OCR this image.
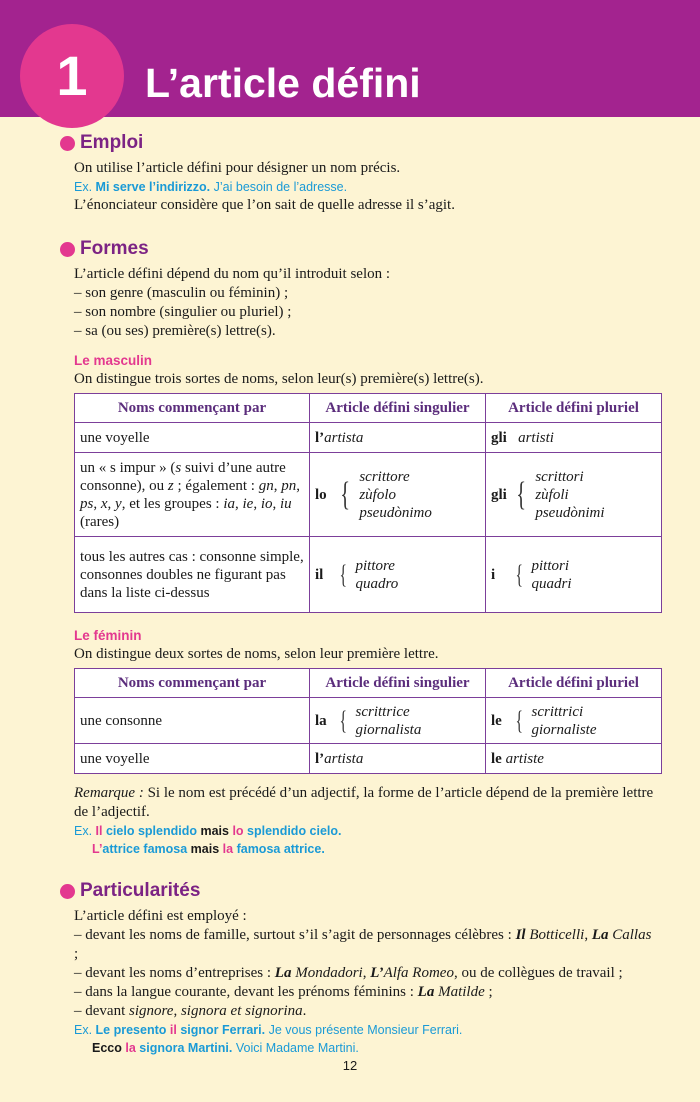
1	L’article défini
Emploi

On utilise l’article défini pour désigner un nom précis.

Ex. Mi serve l’indirizzo. J’ai besoin de l’adresse.

L’énonciateur considère que l’on sait de quelle adresse il s’agit.

Formes

L’article défini dépend du nom qu’il introduit selon :

– son genre (masculin ou féminin) ;

– son nombre (singulier ou pluriel) ;

– sa (ou ses) première(s) lettre(s).

Le masculin

On distingue trois sortes de noms, selon leur(s) première(s) lettre(s).

Noms commençant par	Article défini singulier	Article défini pluriel
une voyelle	l’artista	gli artisti
un « s impur » (s suivi d’une autre consonne), ou z ; également : gn, pn, ps, x, y, et les groupes : ia, ie, io, iu (rares)	lo { scrittore
zùfolo
pseudònimo	gli { scrittori
zùfoli
pseudònimi

tous les autres cas : consonne simple, consonnes doubles ne figurant pas dans la liste ci-dessus	il { pittore
quadro	i { pittori
quadri
Le féminin

On distingue deux sortes de noms, selon leur première lettre.

Noms commençant par	Article défini singulier	Article défini pluriel
une consonne	la { scrittrice
giornalista	le { scrittrici
giornaliste

une voyelle	l’artista	le artiste

Remarque : Si le nom est précédé d’un adjectif, la forme de l’article dépend de la première lettre de l’adjectif.

Ex. Il cielo splendido mais lo splendido cielo.
L’attrice famosa mais la famosa attrice.
Particularités

L’article défini est employé :

– devant les noms de famille, surtout s’il s’agit de personnages célèbres : Il Botticelli, La Callas ;

– devant les noms d’entreprises : La Mondadori, L’Alfa Romeo, ou de collègues de travail ;

– dans la langue courante, devant les prénoms féminins : La Matilde ;

– devant signore, signora et signorina.

Ex. Le presento il signor Ferrari. Je vous présente Monsieur Ferrari.
Ecco la signora Martini. Voici Madame Martini.
12
